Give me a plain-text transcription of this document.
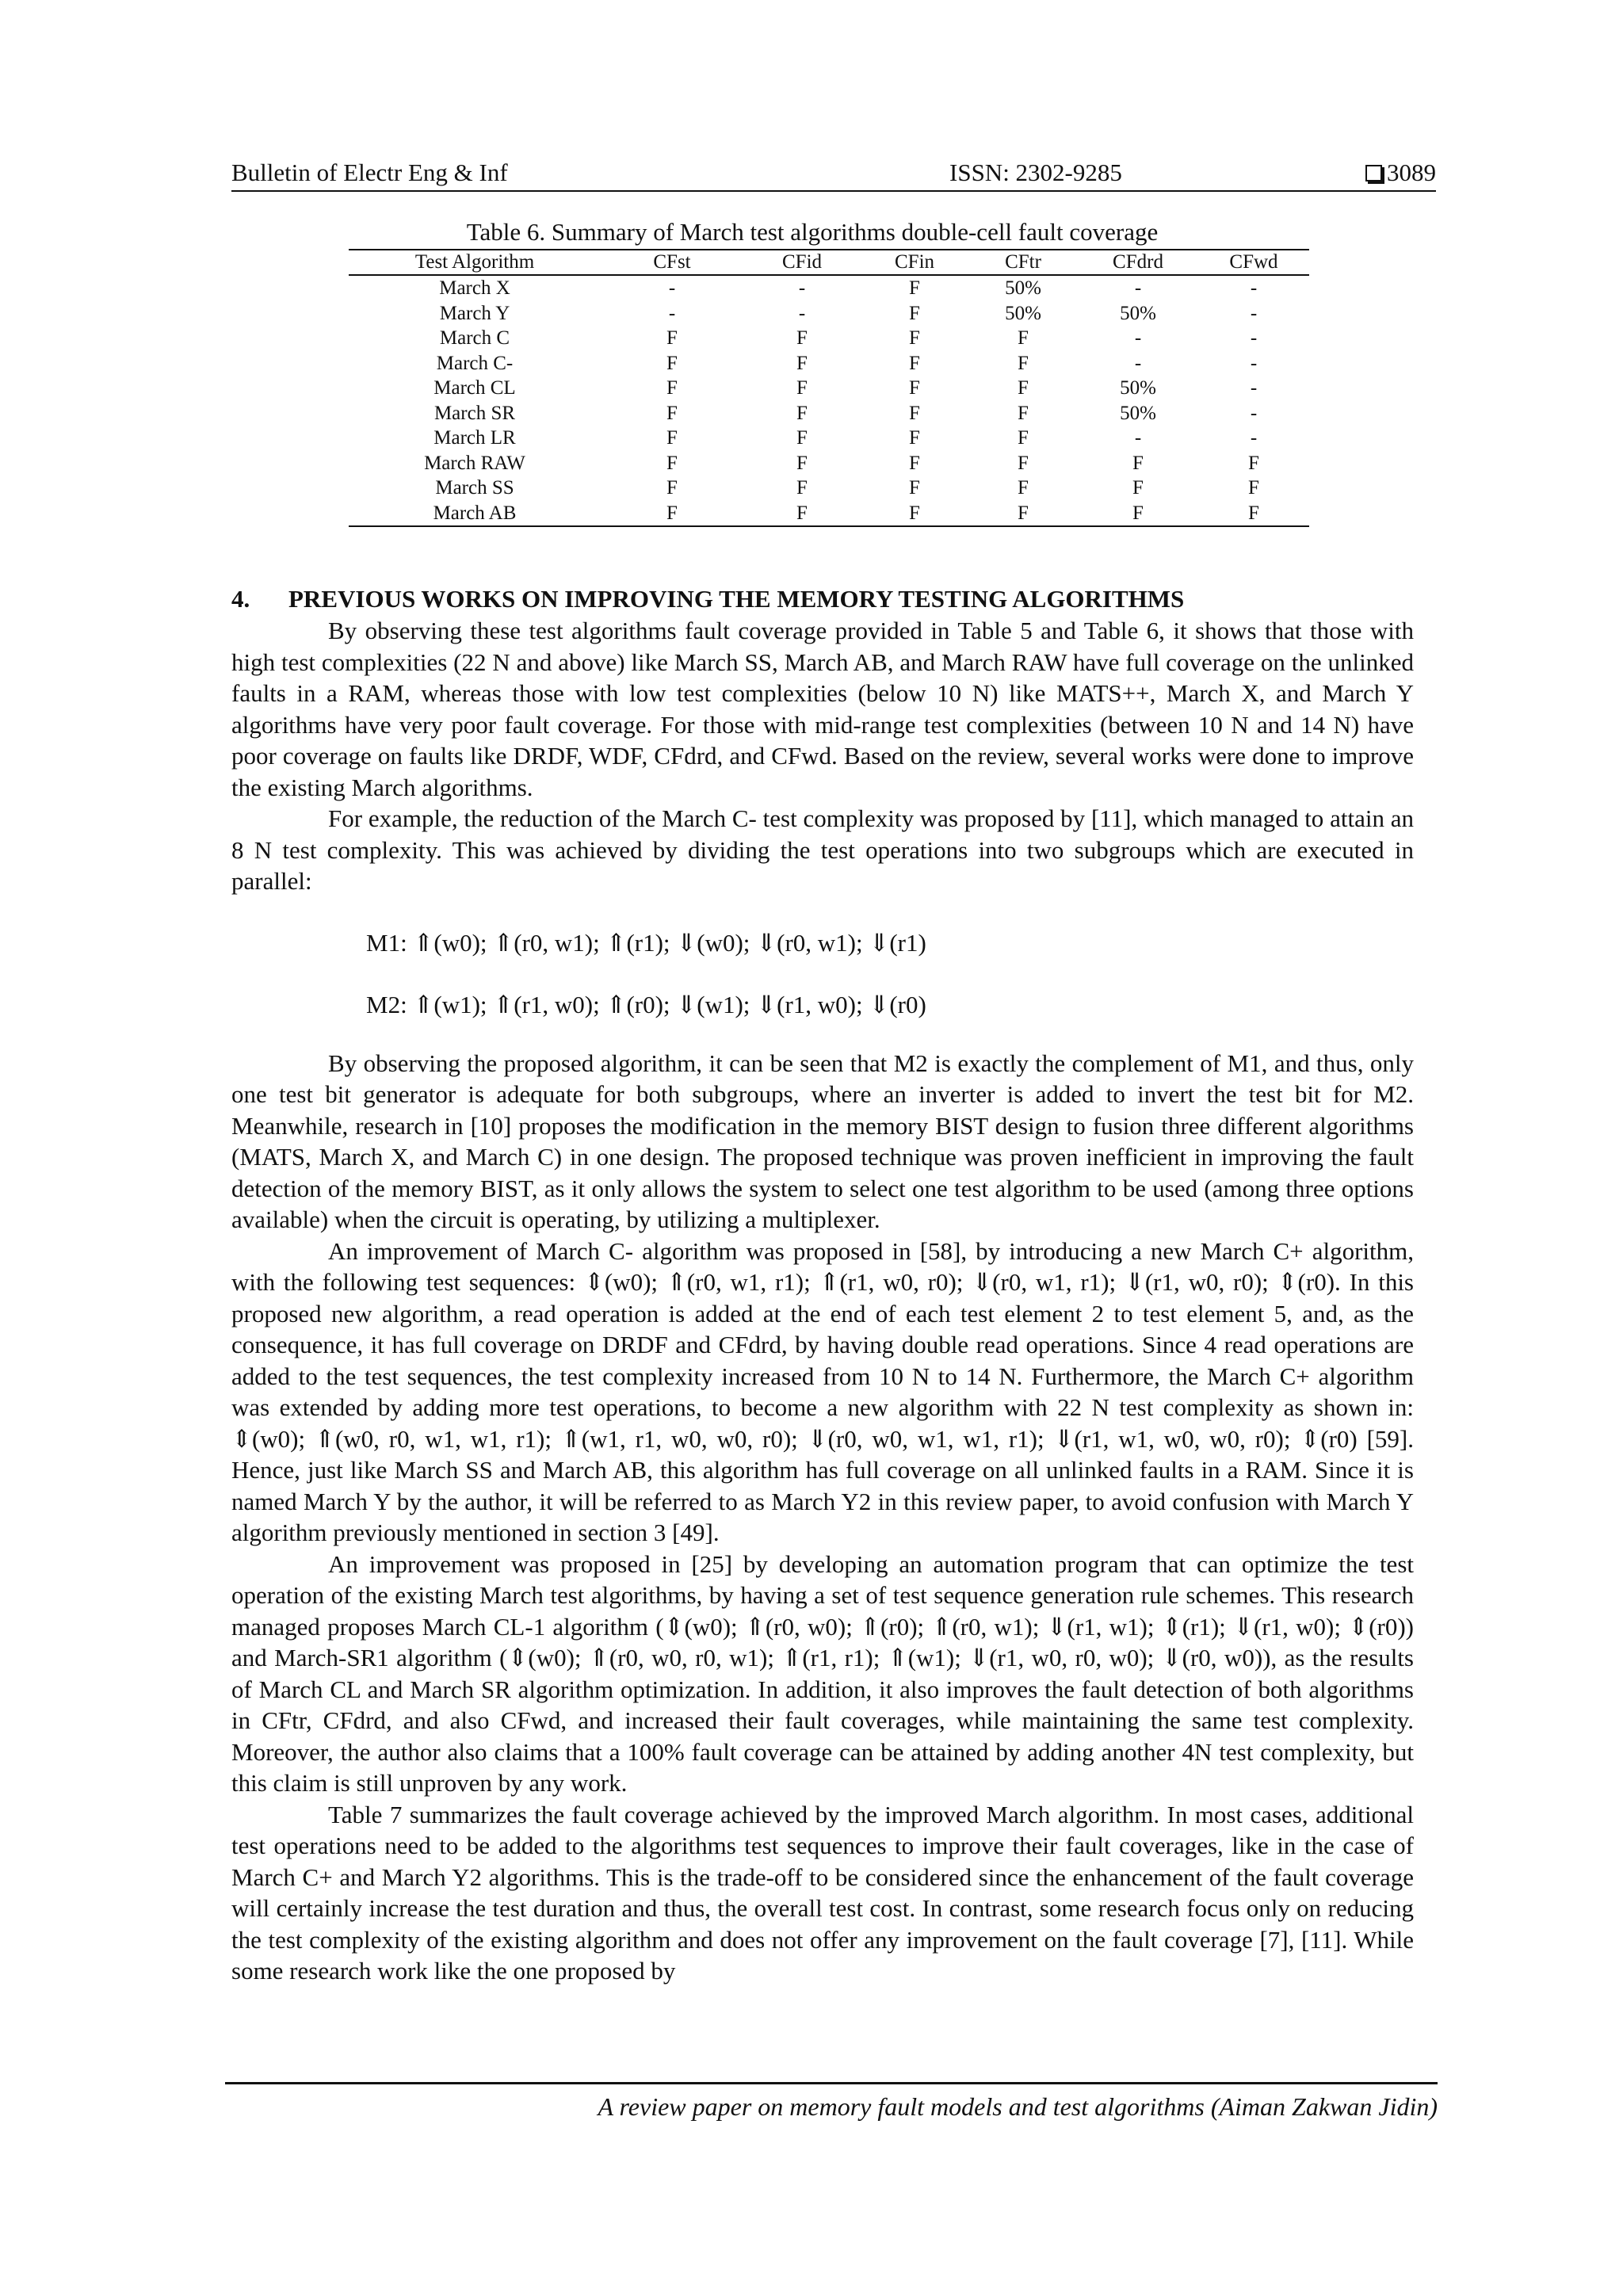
Bulletin of Electr Eng & Inf	ISSN: 2302-9285	3089
Table 6. Summary of March test algorithms double-cell fault coverage
Test Algorithm	CFst	CFid	CFin	CFtr	CFdrd	CFwd
March X	-	-	F	50%	-	-
March Y	-	-	F	50%	50%	-
March C	F	F	F	F	-	-
March C-	F	F	F	F	-	-
March CL	F	F	F	F	50%	-
March SR	F	F	F	F	50%	-
March LR	F	F	F	F	-	-
March RAW	F	F	F	F	F	F
March SS	F	F	F	F	F	F
March AB	F	F	F	F	F	F
4. PREVIOUS WORKS ON IMPROVING THE MEMORY TESTING ALGORITHMS

By observing these test algorithms fault coverage provided in Table 5 and Table 6, it shows that those with high test complexities (22 N and above) like March SS, March AB, and March RAW have full coverage on the unlinked faults in a RAM, whereas those with low test complexities (below 10 N) like MATS++, March X, and March Y algorithms have very poor fault coverage. For those with mid-range test complexities (between 10 N and 14 N) have poor coverage on faults like DRDF, WDF, CFdrd, and CFwd. Based on the review, several works were done to improve the existing March algorithms.

For example, the reduction of the March C- test complexity was proposed by [11], which managed to attain an 8 N test complexity. This was achieved by dividing the test operations into two subgroups which are executed in parallel:

M1: ⇑(w0); ⇑(r0, w1); ⇑(r1); ⇓(w0); ⇓(r0, w1); ⇓(r1)

M2: ⇑(w1); ⇑(r1, w0); ⇑(r0); ⇓(w1); ⇓(r1, w0); ⇓(r0)

By observing the proposed algorithm, it can be seen that M2 is exactly the complement of M1, and thus, only one test bit generator is adequate for both subgroups, where an inverter is added to invert the test bit for M2. Meanwhile, research in [10] proposes the modification in the memory BIST design to fusion three different algorithms (MATS, March X, and March C) in one design. The proposed technique was proven inefficient in improving the fault detection of the memory BIST, as it only allows the system to select one test algorithm to be used (among three options available) when the circuit is operating, by utilizing a multiplexer.

An improvement of March C- algorithm was proposed in [58], by introducing a new March C+ algorithm, with the following test sequences: ⇕(w0); ⇑(r0, w1, r1); ⇑(r1, w0, r0); ⇓(r0, w1, r1); ⇓(r1, w0, r0); ⇕(r0). In this proposed new algorithm, a read operation is added at the end of each test element 2 to test element 5, and, as the consequence, it has full coverage on DRDF and CFdrd, by having double read operations. Since 4 read operations are added to the test sequences, the test complexity increased from 10 N to 14 N. Furthermore, the March C+ algorithm was extended by adding more test operations, to become a new algorithm with 22 N test complexity as shown in: ⇕(w0); ⇑(w0, r0, w1, w1, r1); ⇑(w1, r1, w0, w0, r0); ⇓(r0, w0, w1, w1, r1); ⇓(r1, w1, w0, w0, r0); ⇕(r0) [59]. Hence, just like March SS and March AB, this algorithm has full coverage on all unlinked faults in a RAM. Since it is named March Y by the author, it will be referred to as March Y2 in this review paper, to avoid confusion with March Y algorithm previously mentioned in section 3 [49].

An improvement was proposed in [25] by developing an automation program that can optimize the test operation of the existing March test algorithms, by having a set of test sequence generation rule schemes. This research managed proposes March CL-1 algorithm (⇕(w0); ⇑(r0, w0); ⇑(r0); ⇑(r0, w1); ⇓(r1, w1); ⇕(r1); ⇓(r1, w0); ⇕(r0)) and March-SR1 algorithm (⇕(w0); ⇑(r0, w0, r0, w1); ⇑(r1, r1); ⇑(w1); ⇓(r1, w0, r0, w0); ⇓(r0, w0)), as the results of March CL and March SR algorithm optimization. In addition, it also improves the fault detection of both algorithms in CFtr, CFdrd, and also CFwd, and increased their fault coverages, while maintaining the same test complexity. Moreover, the author also claims that a 100% fault coverage can be attained by adding another 4N test complexity, but this claim is still unproven by any work.

Table 7 summarizes the fault coverage achieved by the improved March algorithm. In most cases, additional test operations need to be added to the algorithms test sequences to improve their fault coverages, like in the case of March C+ and March Y2 algorithms. This is the trade-off to be considered since the enhancement of the fault coverage will certainly increase the test duration and thus, the overall test cost. In contrast, some research focus only on reducing the test complexity of the existing algorithm and does not offer any improvement on the fault coverage [7], [11]. While some research work like the one proposed by

A review paper on memory fault models and test algorithms (Aiman Zakwan Jidin)
